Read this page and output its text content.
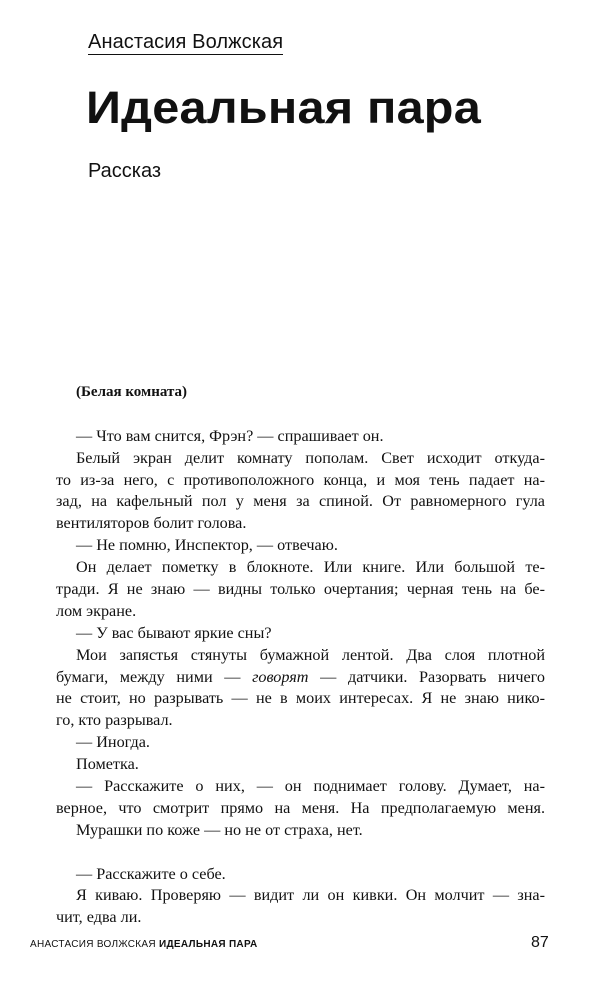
Анастасия Волжская
Идеальная пара
Рассказ
(Белая комната)
— Что вам снится, Фрэн? — спрашивает он.
Белый экран делит комнату пополам. Свет исходит откуда-
то из-за него, с противоположного конца, и моя тень падает на-
зад, на кафельный пол у меня за спиной. От равномерного гула
вентиляторов болит голова.
— Не помню, Инспектор, — отвечаю.
Он делает пометку в блокноте. Или книге. Или большой те-
тради. Я не знаю — видны только очертания; черная тень на бе-
лом экране.
— У вас бывают яркие сны?
Мои запястья стянуты бумажной лентой. Два слоя плотной
бумаги, между ними — говорят — датчики. Разорвать ничего
не стоит, но разрывать — не в моих интересах. Я не знаю нико-
го, кто разрывал.
— Иногда.
Пометка.
— Расскажите о них, — он поднимает голову. Думает, на-
верное, что смотрит прямо на меня. На предполагаемую меня.
Мурашки по коже — но не от страха, нет.
— Расскажите о себе.
Я киваю. Проверяю — видит ли он кивки. Он молчит — зна-
чит, едва ли.
АНАСТАСИЯ ВОЛЖСКАЯ ИДЕАЛЬНАЯ ПАРА	87
